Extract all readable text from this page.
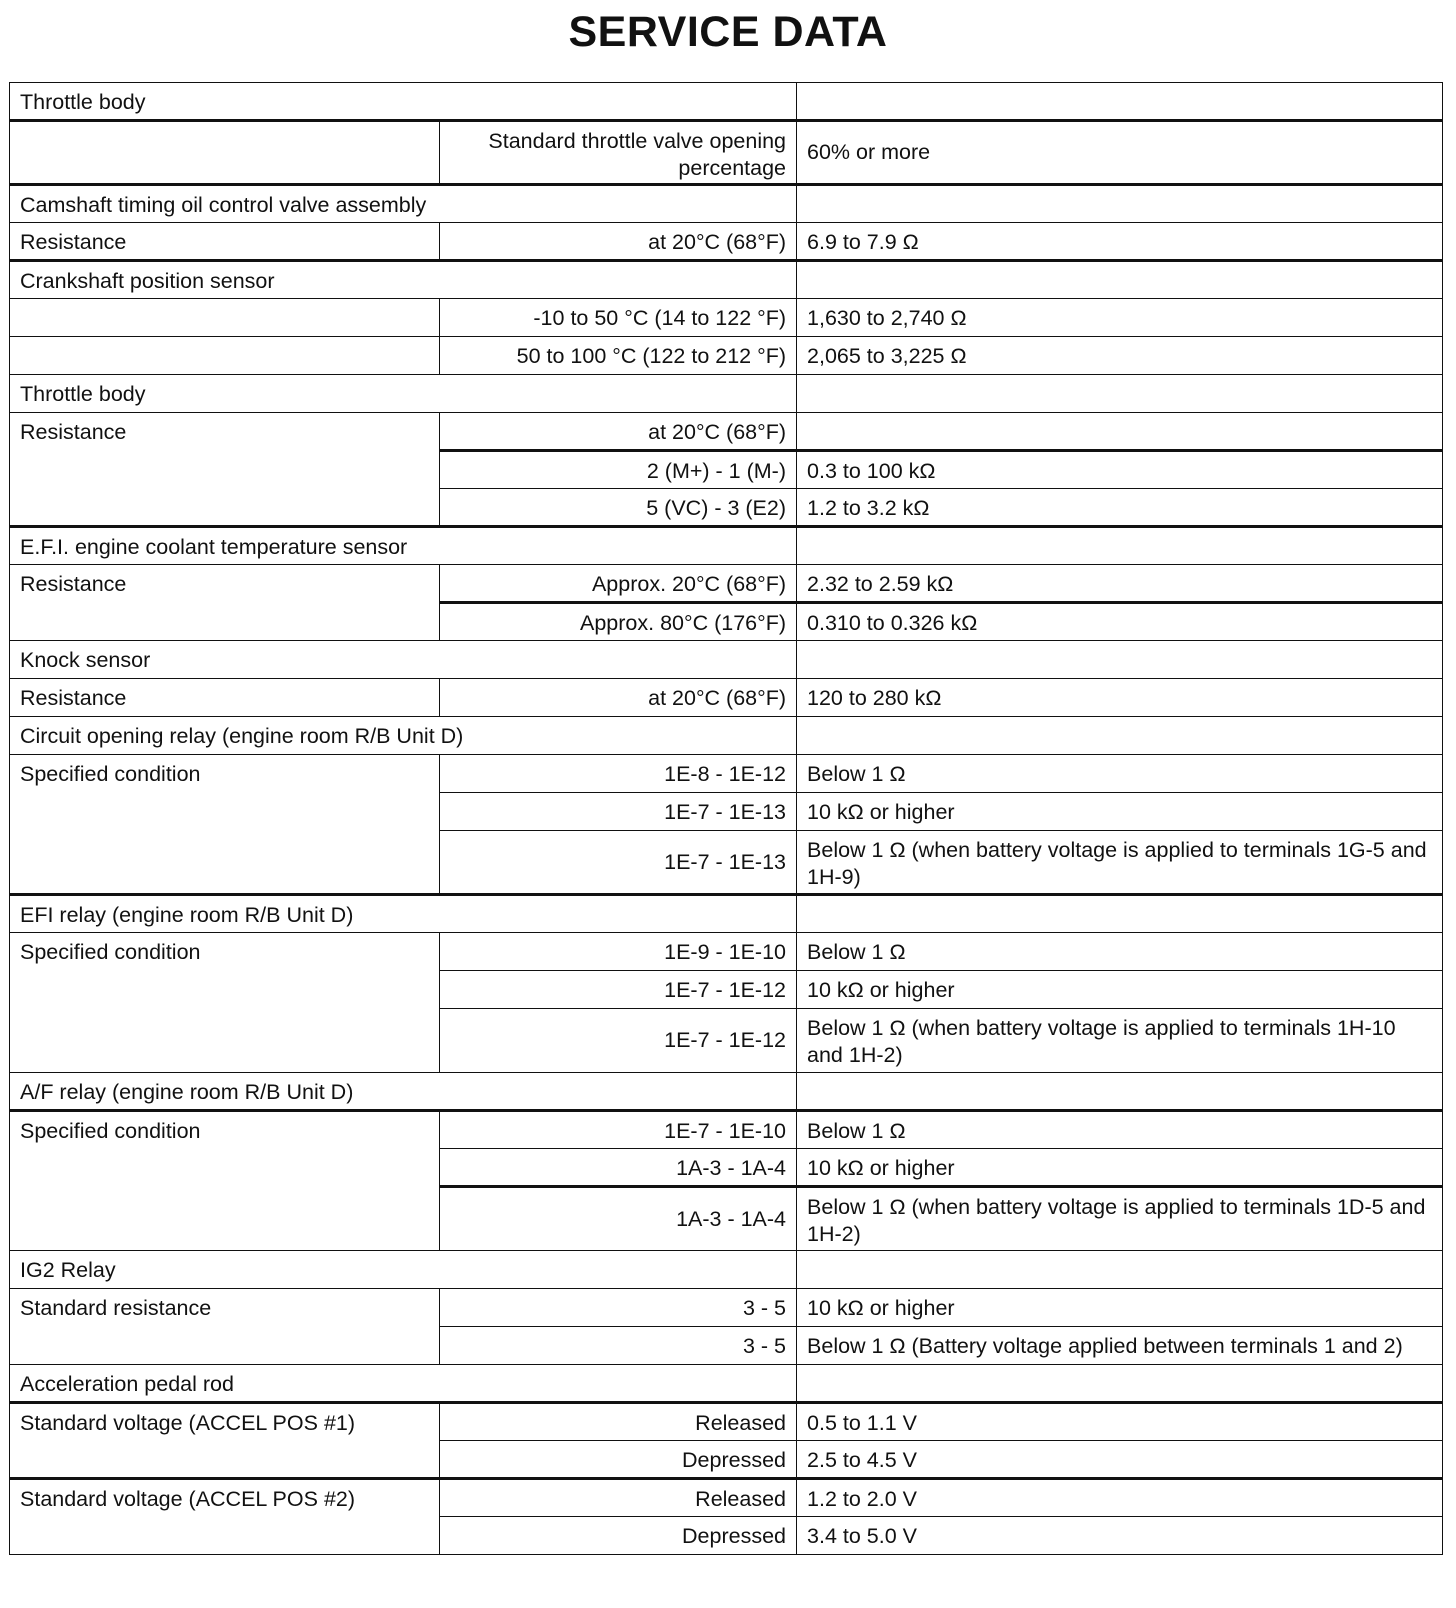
SERVICE DATA
Throttle body		
	Standard throttle valve opening percentage	60% or more
Camshaft timing oil control valve assembly		
Resistance	at 20°C (68°F)	6.9 to 7.9 Ω
Crankshaft position sensor		
	-10 to 50 °C (14 to 122 °F)	1,630 to 2,740 Ω
	50 to 100 °C (122 to 212 °F)	2,065 to 3,225 Ω
Throttle body		
Resistance	at 20°C (68°F)	
	2 (M+) - 1 (M-)	0.3 to 100 kΩ
	5 (VC) - 3 (E2)	1.2 to 3.2 kΩ
E.F.I. engine coolant temperature sensor		
Resistance	Approx. 20°C (68°F)	2.32 to 2.59 kΩ
	Approx. 80°C (176°F)	0.310 to 0.326 kΩ
Knock sensor		
Resistance	at 20°C (68°F)	120 to 280 kΩ
Circuit opening relay (engine room R/B Unit D)		
Specified condition	1E-8 - 1E-12	Below 1 Ω
	1E-7 - 1E-13	10 kΩ or higher
	1E-7 - 1E-13	Below 1 Ω (when battery voltage is applied to terminals 1G-5 and 1H-9)
EFI relay (engine room R/B Unit D)		
Specified condition	1E-9 - 1E-10	Below 1 Ω
	1E-7 - 1E-12	10 kΩ or higher
	1E-7 - 1E-12	Below 1 Ω (when battery voltage is applied to terminals 1H-10 and 1H-2)
A/F relay (engine room R/B Unit D)		
Specified condition	1E-7 - 1E-10	Below 1 Ω
	1A-3 - 1A-4	10 kΩ or higher
	1A-3 - 1A-4	Below 1 Ω (when battery voltage is applied to terminals 1D-5 and 1H-2)
IG2 Relay		
Standard resistance	3 - 5	10 kΩ or higher
	3 - 5	Below 1 Ω (Battery voltage applied between terminals 1 and 2)
Acceleration pedal rod		
Standard voltage (ACCEL POS #1)	Released	0.5 to 1.1 V
	Depressed	2.5 to 4.5 V
Standard voltage (ACCEL POS #2)	Released	1.2 to 2.0 V
	Depressed	3.4 to 5.0 V
